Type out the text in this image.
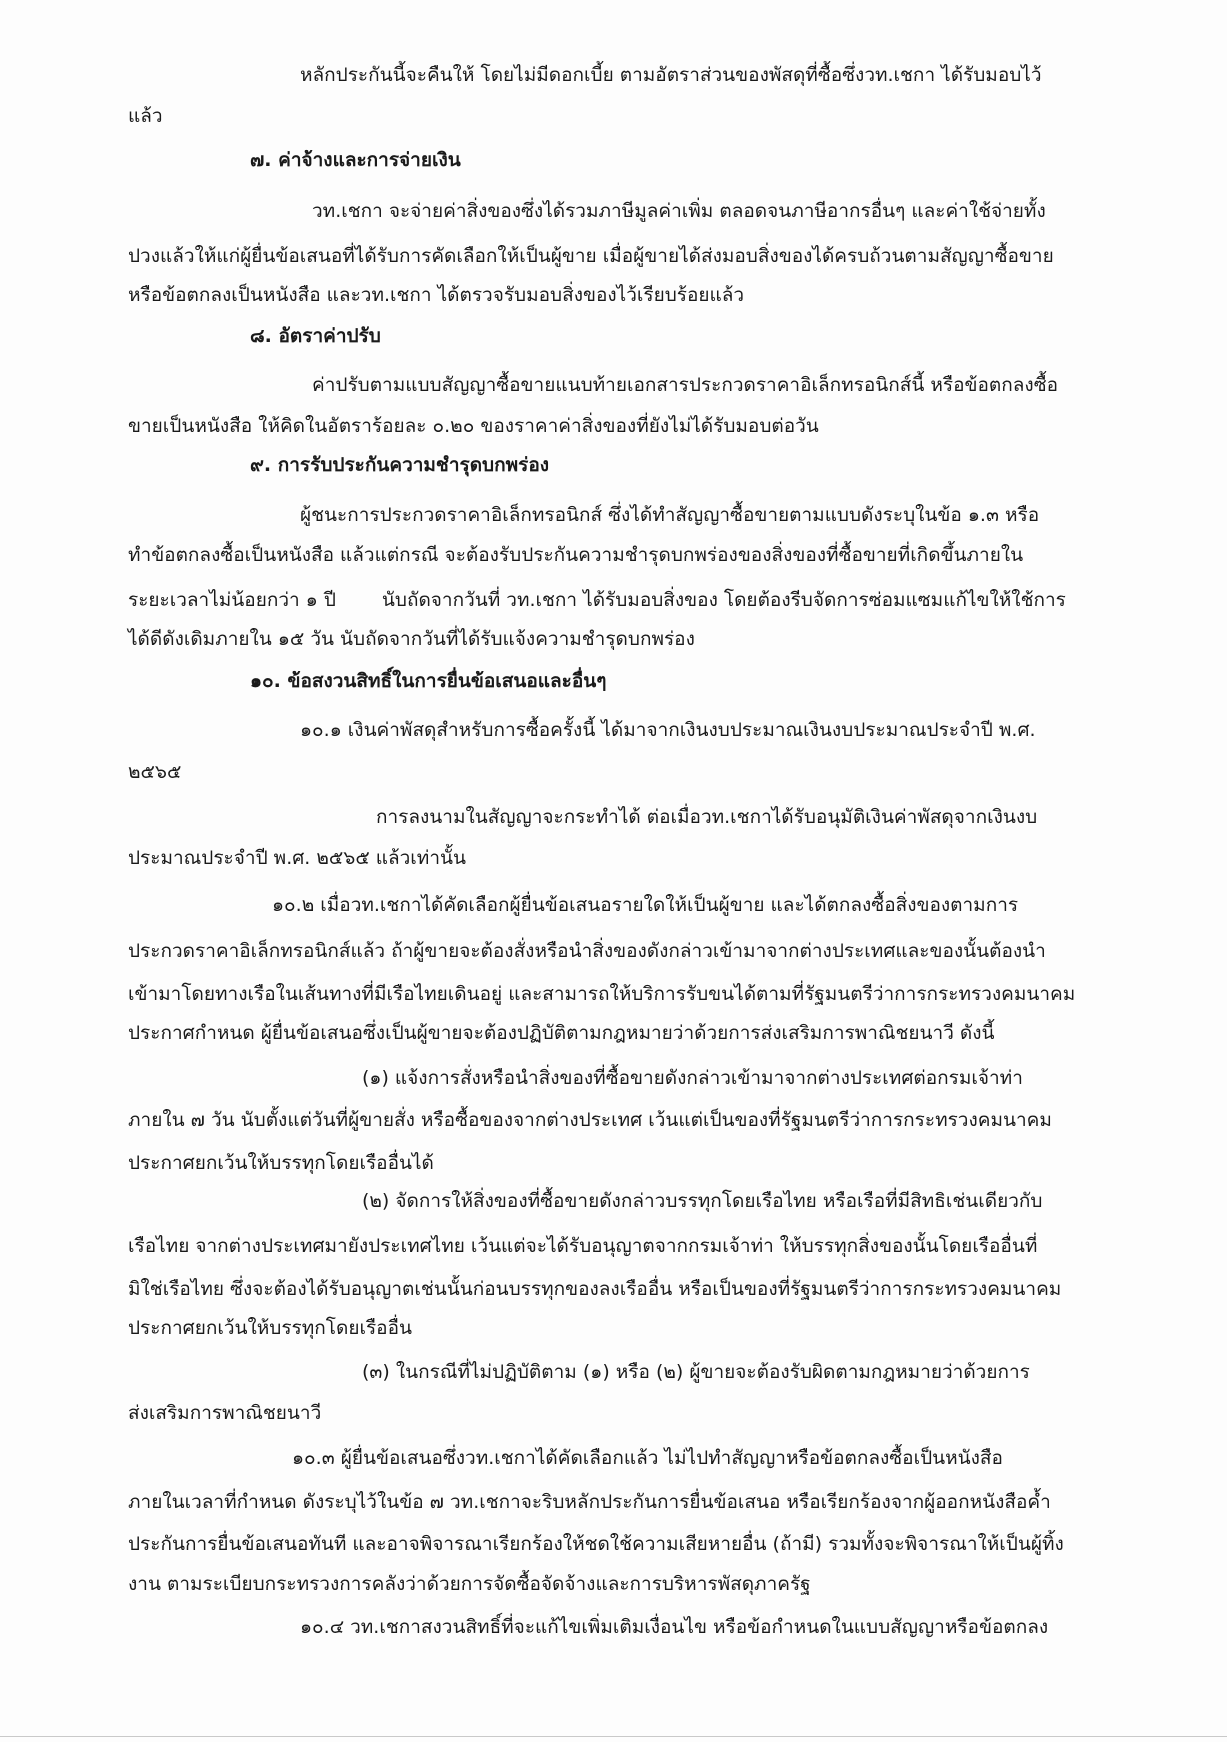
หลักประกันนี้จะคืนให้ โดยไม่มีดอกเบี้ย ตามอัตราส่วนของพัสดุที่ซื้อซึ่งวท.เชกา ได้รับมอบไว้
แล้ว
๗. ค่าจ้างและการจ่ายเงิน
วท.เชกา จะจ่ายค่าสิ่งของซึ่งได้รวมภาษีมูลค่าเพิ่ม ตลอดจนภาษีอากรอื่นๆ และค่าใช้จ่ายทั้ง
ปวงแล้วให้แก่ผู้ยื่นข้อเสนอที่ได้รับการคัดเลือกให้เป็นผู้ขาย เมื่อผู้ขายได้ส่งมอบสิ่งของได้ครบถ้วนตามสัญญาซื้อขาย
หรือข้อตกลงเป็นหนังสือ และวท.เชกา ได้ตรวจรับมอบสิ่งของไว้เรียบร้อยแล้ว
๘. อัตราค่าปรับ
ค่าปรับตามแบบสัญญาซื้อขายแนบท้ายเอกสารประกวดราคาอิเล็กทรอนิกส์นี้ หรือข้อตกลงซื้อ
ขายเป็นหนังสือ ให้คิดในอัตราร้อยละ ๐.๒๐ ของราคาค่าสิ่งของที่ยังไม่ได้รับมอบต่อวัน
๙. การรับประกันความชำรุดบกพร่อง
ผู้ชนะการประกวดราคาอิเล็กทรอนิกส์ ซึ่งได้ทำสัญญาซื้อขายตามแบบดังระบุในข้อ ๑.๓ หรือ
ทำข้อตกลงซื้อเป็นหนังสือ แล้วแต่กรณี จะต้องรับประกันความชำรุดบกพร่องของสิ่งของที่ซื้อขายที่เกิดขึ้นภายใน
ระยะเวลาไม่น้อยกว่า ๑ ปี นับถัดจากวันที่ วท.เชกา ได้รับมอบสิ่งของ โดยต้องรีบจัดการซ่อมแซมแก้ไขให้ใช้การ
ได้ดีดังเดิมภายใน ๑๕ วัน นับถัดจากวันที่ได้รับแจ้งความชำรุดบกพร่อง
๑๐. ข้อสงวนสิทธิ์ในการยื่นข้อเสนอและอื่นๆ
๑๐.๑ เงินค่าพัสดุสำหรับการซื้อครั้งนี้ ได้มาจากเงินงบประมาณเงินงบประมาณประจำปี พ.ศ.
๒๕๖๕
การลงนามในสัญญาจะกระทำได้ ต่อเมื่อวท.เชกาได้รับอนุมัติเงินค่าพัสดุจากเงินงบ
ประมาณประจำปี พ.ศ. ๒๕๖๕ แล้วเท่านั้น
๑๐.๒ เมื่อวท.เชกาได้คัดเลือกผู้ยื่นข้อเสนอรายใดให้เป็นผู้ขาย และได้ตกลงซื้อสิ่งของตามการ
ประกวดราคาอิเล็กทรอนิกส์แล้ว ถ้าผู้ขายจะต้องสั่งหรือนำสิ่งของดังกล่าวเข้ามาจากต่างประเทศและของนั้นต้องนำ
เข้ามาโดยทางเรือในเส้นทางที่มีเรือไทยเดินอยู่ และสามารถให้บริการรับขนได้ตามที่รัฐมนตรีว่าการกระทรวงคมนาคม
ประกาศกำหนด ผู้ยื่นข้อเสนอซึ่งเป็นผู้ขายจะต้องปฏิบัติตามกฎหมายว่าด้วยการส่งเสริมการพาณิชยนาวี ดังนี้
(๑) แจ้งการสั่งหรือนำสิ่งของที่ซื้อขายดังกล่าวเข้ามาจากต่างประเทศต่อกรมเจ้าท่า
ภายใน ๗ วัน นับตั้งแต่วันที่ผู้ขายสั่ง หรือซื้อของจากต่างประเทศ เว้นแต่เป็นของที่รัฐมนตรีว่าการกระทรวงคมนาคม
ประกาศยกเว้นให้บรรทุกโดยเรืออื่นได้
(๒) จัดการให้สิ่งของที่ซื้อขายดังกล่าวบรรทุกโดยเรือไทย หรือเรือที่มีสิทธิเช่นเดียวกับ
เรือไทย จากต่างประเทศมายังประเทศไทย เว้นแต่จะได้รับอนุญาตจากกรมเจ้าท่า ให้บรรทุกสิ่งของนั้นโดยเรืออื่นที่
มิใช่เรือไทย ซึ่งจะต้องได้รับอนุญาตเช่นนั้นก่อนบรรทุกของลงเรืออื่น หรือเป็นของที่รัฐมนตรีว่าการกระทรวงคมนาคม
ประกาศยกเว้นให้บรรทุกโดยเรืออื่น
(๓) ในกรณีที่ไม่ปฏิบัติตาม (๑) หรือ (๒) ผู้ขายจะต้องรับผิดตามกฎหมายว่าด้วยการ
ส่งเสริมการพาณิชยนาวี
๑๐.๓ ผู้ยื่นข้อเสนอซึ่งวท.เชกาได้คัดเลือกแล้ว ไม่ไปทำสัญญาหรือข้อตกลงซื้อเป็นหนังสือ
ภายในเวลาที่กำหนด ดังระบุไว้ในข้อ ๗ วท.เชกาจะริบหลักประกันการยื่นข้อเสนอ หรือเรียกร้องจากผู้ออกหนังสือค้ำ
ประกันการยื่นข้อเสนอทันที และอาจพิจารณาเรียกร้องให้ชดใช้ความเสียหายอื่น (ถ้ามี) รวมทั้งจะพิจารณาให้เป็นผู้ทิ้ง
งาน ตามระเบียบกระทรวงการคลังว่าด้วยการจัดซื้อจัดจ้างและการบริหารพัสดุภาครัฐ
๑๐.๔ วท.เชกาสงวนสิทธิ์ที่จะแก้ไขเพิ่มเติมเงื่อนไข หรือข้อกำหนดในแบบสัญญาหรือข้อตกลง
